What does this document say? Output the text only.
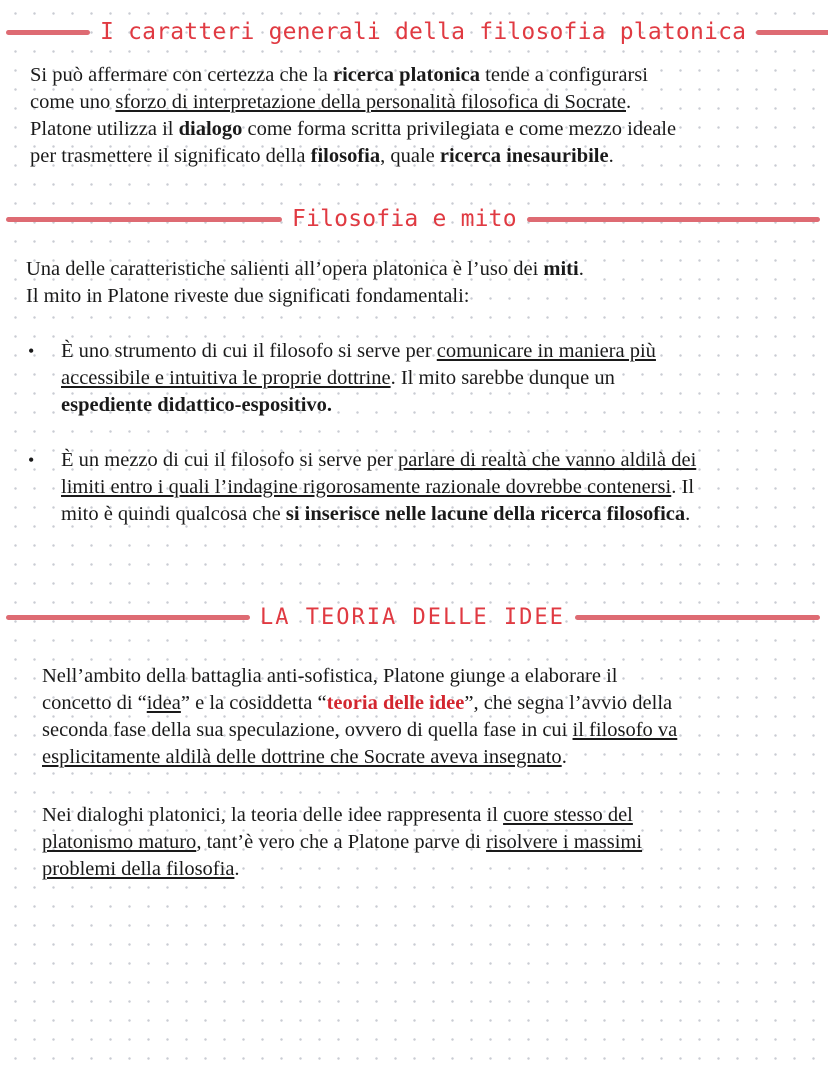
I caratteri generali della filosofia platonica
Si può affermare con certezza che la ricerca platonica tende a configurarsi
come uno sforzo di interpretazione della personalità filosofica di Socrate.
Platone utilizza il dialogo come forma scritta privilegiata e come mezzo ideale
per trasmettere il significato della filosofia, quale ricerca inesauribile.
Filosofia e mito
Una delle caratteristiche salienti all’opera platonica è l’uso dei miti.
Il mito in Platone riveste due significati fondamentali:
• È uno strumento di cui il filosofo si serve per comunicare in maniera più
accessibile e intuitiva le proprie dottrine. Il mito sarebbe dunque un
espediente didattico-espositivo.
• È un mezzo di cui il filosofo si serve per parlare di realtà che vanno aldilà dei
limiti entro i quali l’indagine rigorosamente razionale dovrebbe contenersi. Il
mito è quindi qualcosa che si inserisce nelle lacune della ricerca filosofica.
LA TEORIA DELLE IDEE
Nell’ambito della battaglia anti-sofistica, Platone giunge a elaborare il
concetto di “idea” e la cosiddetta “teoria delle idee”, che segna l’avvio della
seconda fase della sua speculazione, ovvero di quella fase in cui il filosofo va
esplicitamente aldilà delle dottrine che Socrate aveva insegnato.
Nei dialoghi platonici, la teoria delle idee rappresenta il cuore stesso del
platonismo maturo, tant’è vero che a Platone parve di risolvere i massimi
problemi della filosofia.
